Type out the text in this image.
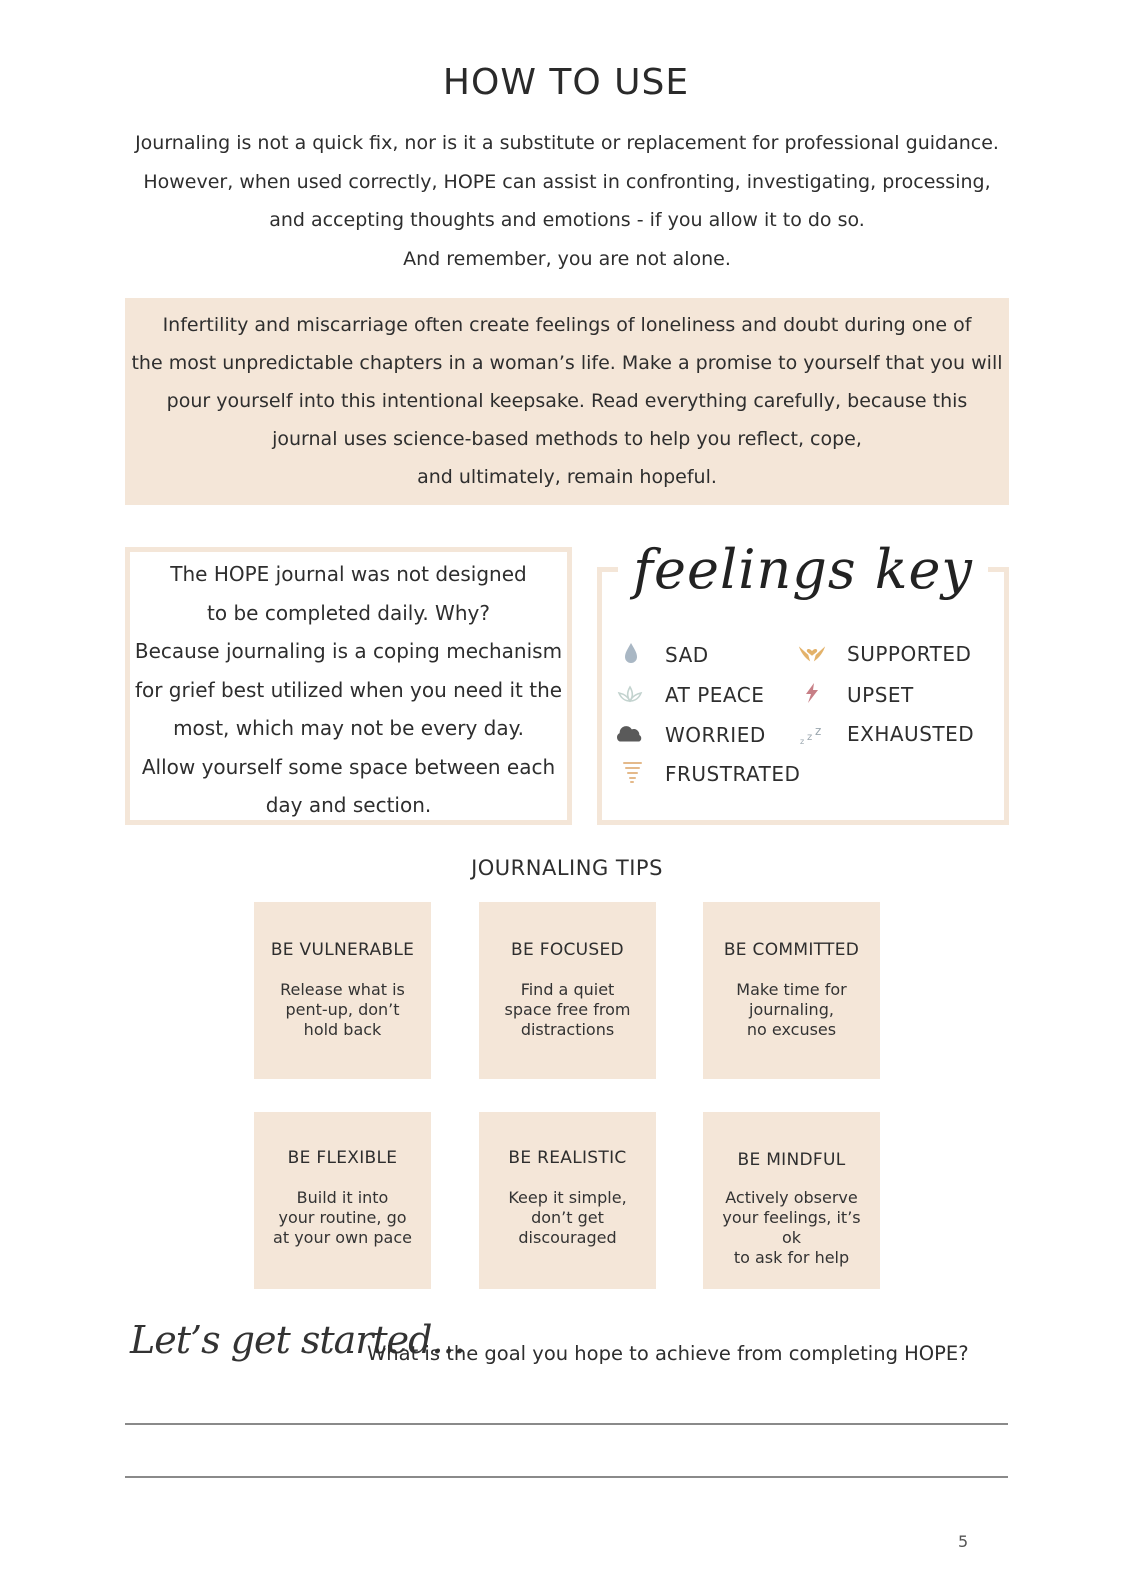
HOW TO USE

Journaling is not a quick fix, nor is it a substitute or replacement for professional guidance.

However, when used correctly, HOPE can assist in confronting, investigating, processing,

and accepting thoughts and emotions - if you allow it to do so.

And remember, you are not alone.

Infertility and miscarriage often create feelings of loneliness and doubt during one of

the most unpredictable chapters in a woman’s life. Make a promise to yourself that you will

pour yourself into this intentional keepsake. Read everything carefully, because this

journal uses science-based methods to help you reflect, cope,

and ultimately, remain hopeful.

The HOPE journal was not designed

to be completed daily. Why?

Because journaling is a coping mechanism

for grief best utilized when you need it the

most, which may not be every day.

Allow yourself some space between each

day and section.

feelings key
SAD
AT PEACE
WORRIED
FRUSTRATED
SUPPORTED
UPSET
z z z EXHAUSTED
JOURNALING TIPS
BE VULNERABLE
Release what is
pent-up, don’t
hold back
BE FOCUSED
Find a quiet
space free from
distractions
BE COMMITTED
Make time for
journaling,
no excuses
BE FLEXIBLE
Build it into
your routine, go
at your own pace
BE REALISTIC
Keep it simple,
don’t get
discouraged
BE MINDFUL
Actively observe
your feelings, it’s ok
to ask for help
Let’s get started...
What is the goal you hope to achieve from completing HOPE?
5
